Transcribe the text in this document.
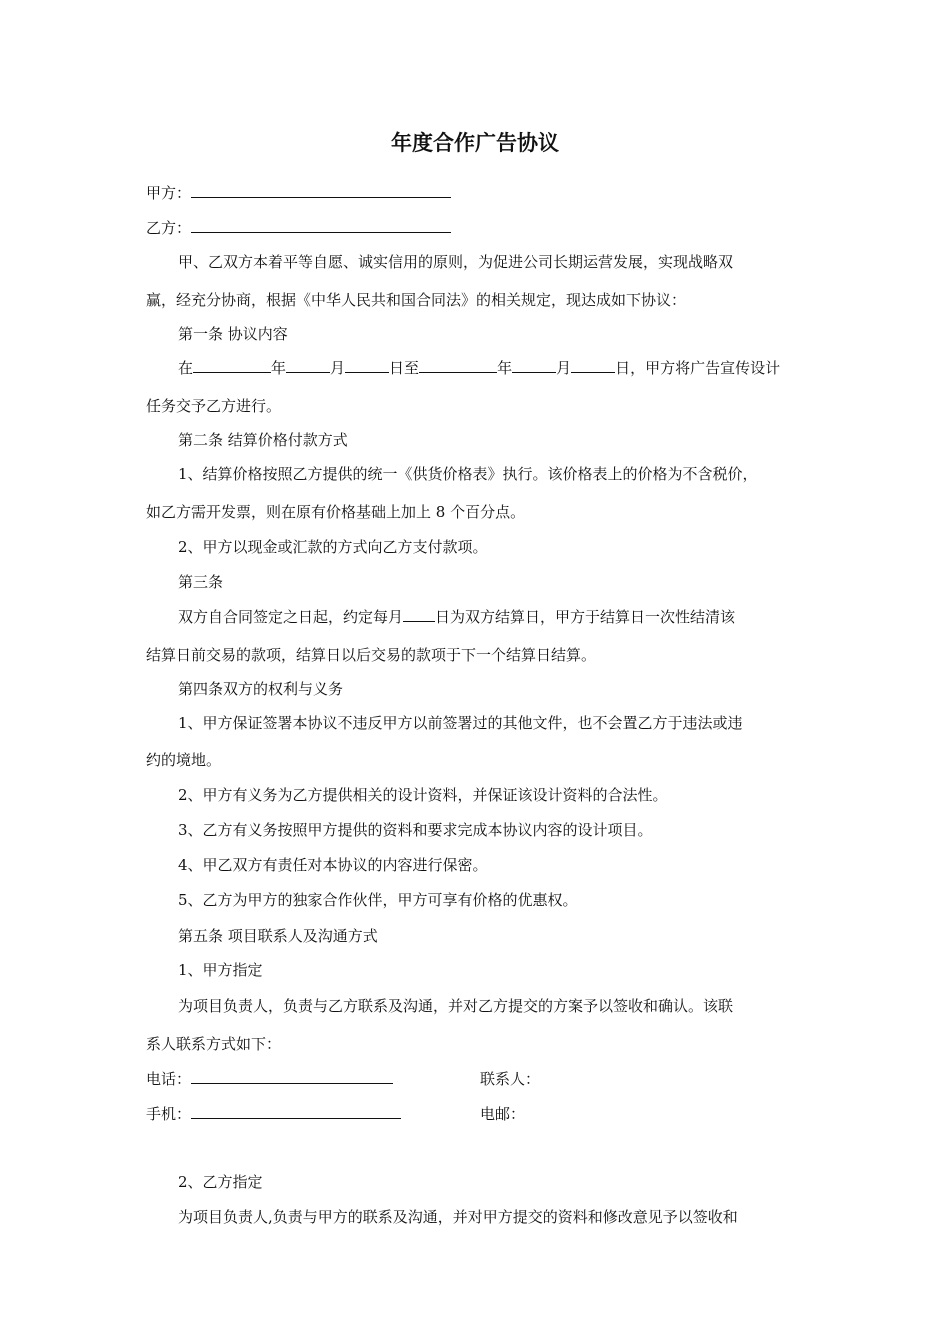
年度合作广告协议
甲方：
乙方：
甲、乙双方本着平等自愿、诚实信用的原则，为促进公司长期运营发展，实现战略双
赢，经充分协商，根据《中华人民共和国合同法》的相关规定，现达成如下协议：
第一条 协议内容
在	年	月	日至	年	月	日，甲方将广告宣传设计
任务交予乙方进行。
第二条 结算价格付款方式
1、结算价格按照乙方提供的统一《供货价格表》执行。该价格表上的价格为不含税价，
如乙方需开发票，则在原有价格基础上加上 8 个百分点。
2、甲方以现金或汇款的方式向乙方支付款项。
第三条
双方自合同签定之日起，约定每月 日为双方结算日，甲方于结算日一次性结清该
结算日前交易的款项，结算日以后交易的款项于下一个结算日结算。
第四条双方的权利与义务
1、甲方保证签署本协议不违反甲方以前签署过的其他文件，也不会置乙方于违法或违
约的境地。
2、甲方有义务为乙方提供相关的设计资料，并保证该设计资料的合法性。
3、乙方有义务按照甲方提供的资料和要求完成本协议内容的设计项目。
4、甲乙双方有责任对本协议的内容进行保密。
5、乙方为甲方的独家合作伙伴，甲方可享有价格的优惠权。
第五条 项目联系人及沟通方式
1、甲方指定
为项目负责人，负责与乙方联系及沟通，并对乙方提交的方案予以签收和确认。该联
系人联系方式如下：
电话：	联系人：
手机：	电邮：
2、乙方指定
为项目负责人,负责与甲方的联系及沟通，并对甲方提交的资料和修改意见予以签收和
